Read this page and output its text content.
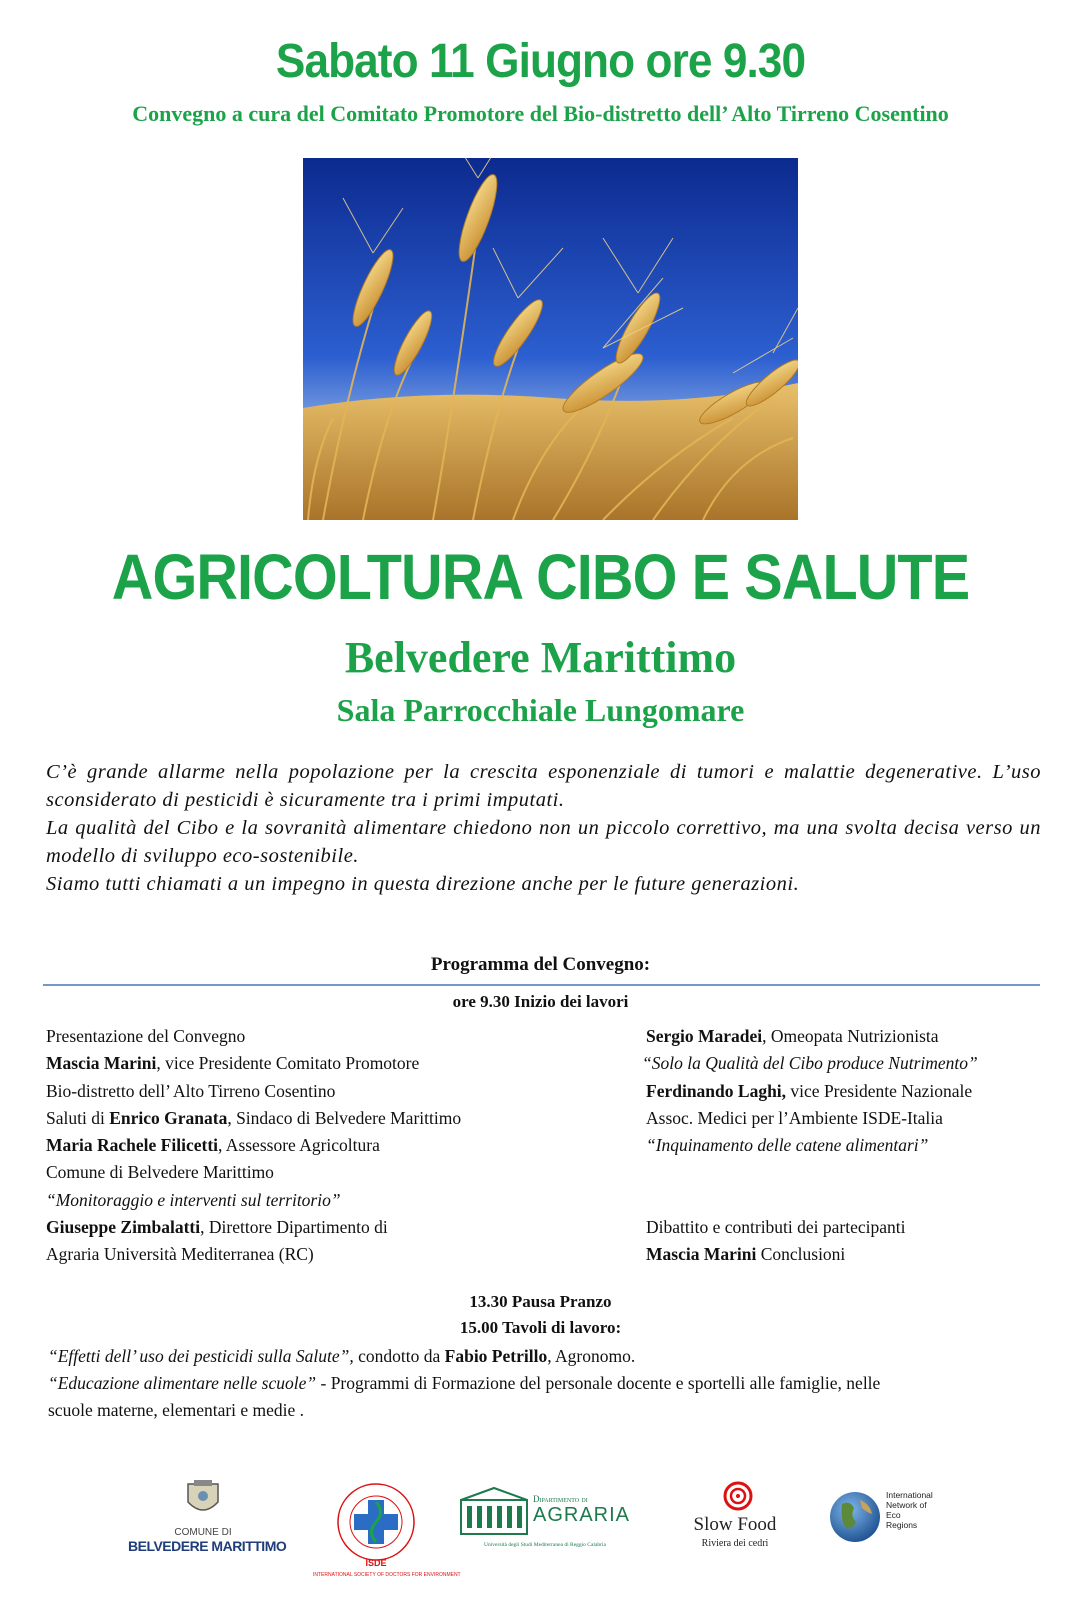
Sabato 11 Giugno ore 9.30
Convegno a cura del Comitato Promotore del Bio-distretto dell’ Alto Tirreno Cosentino
AGRICOLTURA CIBO E SALUTE
Belvedere Marittimo
Sala Parrocchiale Lungomare

C’è grande allarme nella popolazione per la crescita esponenziale di tumori e malattie degenerative. L’uso sconsiderato di pesticidi è sicuramente tra i primi imputati.

La qualità del Cibo e la sovranità alimentare chiedono non un piccolo correttivo, ma una svolta decisa verso un modello di sviluppo eco-sostenibile.

Siamo tutti chiamati a un impegno in questa direzione anche per le future generazioni.

Programma del Convegno:
ore 9.30 Inizio dei lavori
Presentazione del Convegno
Mascia Marini, vice Presidente Comitato Promotore
Bio-distretto dell’ Alto Tirreno Cosentino
Saluti di Enrico Granata, Sindaco di Belvedere Marittimo
Maria Rachele Filicetti, Assessore Agricoltura
Comune di Belvedere Marittimo
“Monitoraggio e interventi sul territorio”
Giuseppe Zimbalatti, Direttore Dipartimento di
Agraria Università Mediterranea (RC)
Sergio Maradei, Omeopata Nutrizionista
“Solo la Qualità del Cibo produce Nutrimento”
Ferdinando Laghi, vice Presidente Nazionale
Assoc. Medici per l’Ambiente ISDE-Italia
“Inquinamento delle catene alimentari”
Dibattito e contributi dei partecipanti
Mascia Marini Conclusioni
13.30 Pausa Pranzo
15.00 Tavoli di lavoro:
“Effetti dell’ uso dei pesticidi sulla Salute”, condotto da Fabio Petrillo, Agronomo.
“Educazione alimentare nelle scuole” - Programmi di Formazione del personale docente e sportelli alle famiglie, nelle
scuole materne, elementari e medie .
COMUNE DI
BELVEDERE MARITTIMO
ISDE
INTERNATIONAL SOCIETY OF DOCTORS FOR ENVIRONMENT
Dipartimento di
AGRARIA
Università degli Studi Mediterranea di Reggio Calabria
Slow Food
Riviera dei cedri
International
Network of
Eco
Regions
